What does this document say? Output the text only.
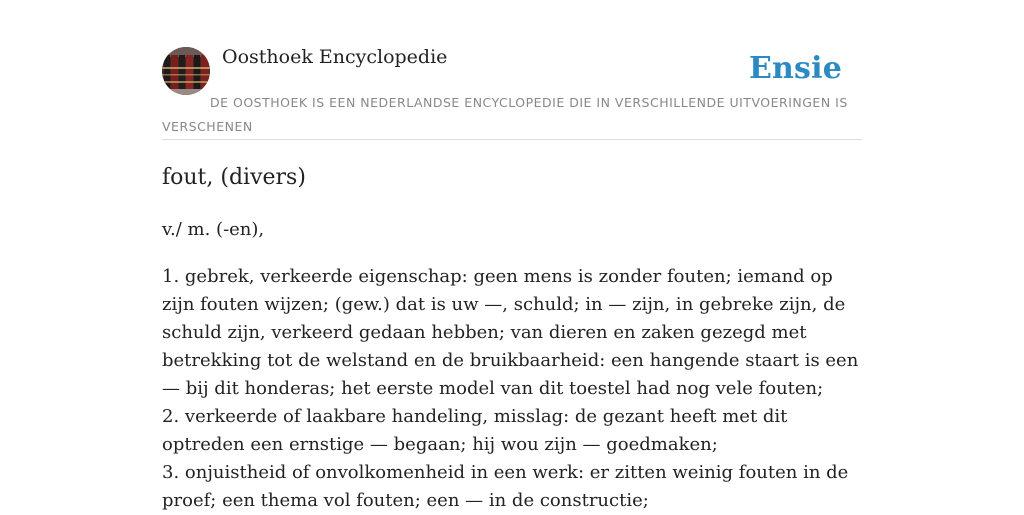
Oosthoek Encyclopedie	Ensie
DE OOSTHOEK IS EEN NEDERLANDSE ENCYCLOPEDIE DIE IN VERSCHILLENDE UITVOERINGEN IS VERSCHENEN
fout, (divers)
v./ m. (-en),
1. gebrek, verkeerde eigenschap: geen mens is zonder fouten; iemand op zijn fouten wijzen; (gew.) dat is uw —, schuld; in — zijn, in gebreke zijn, de schuld zijn, verkeerd gedaan hebben; van dieren en zaken gezegd met betrekking tot de welstand en de bruikbaarheid: een hangende staart is een — bij dit honderas; het eerste model van dit toestel had nog vele fouten;
2. verkeerde of laakbare handeling, misslag: de gezant heeft met dit optreden een ernstige — begaan; hij wou zijn — goedmaken;
3. onjuistheid of onvolkomenheid in een werk: er zitten weinig fouten in de proef; een thema vol fouten; een — in de constructie;
